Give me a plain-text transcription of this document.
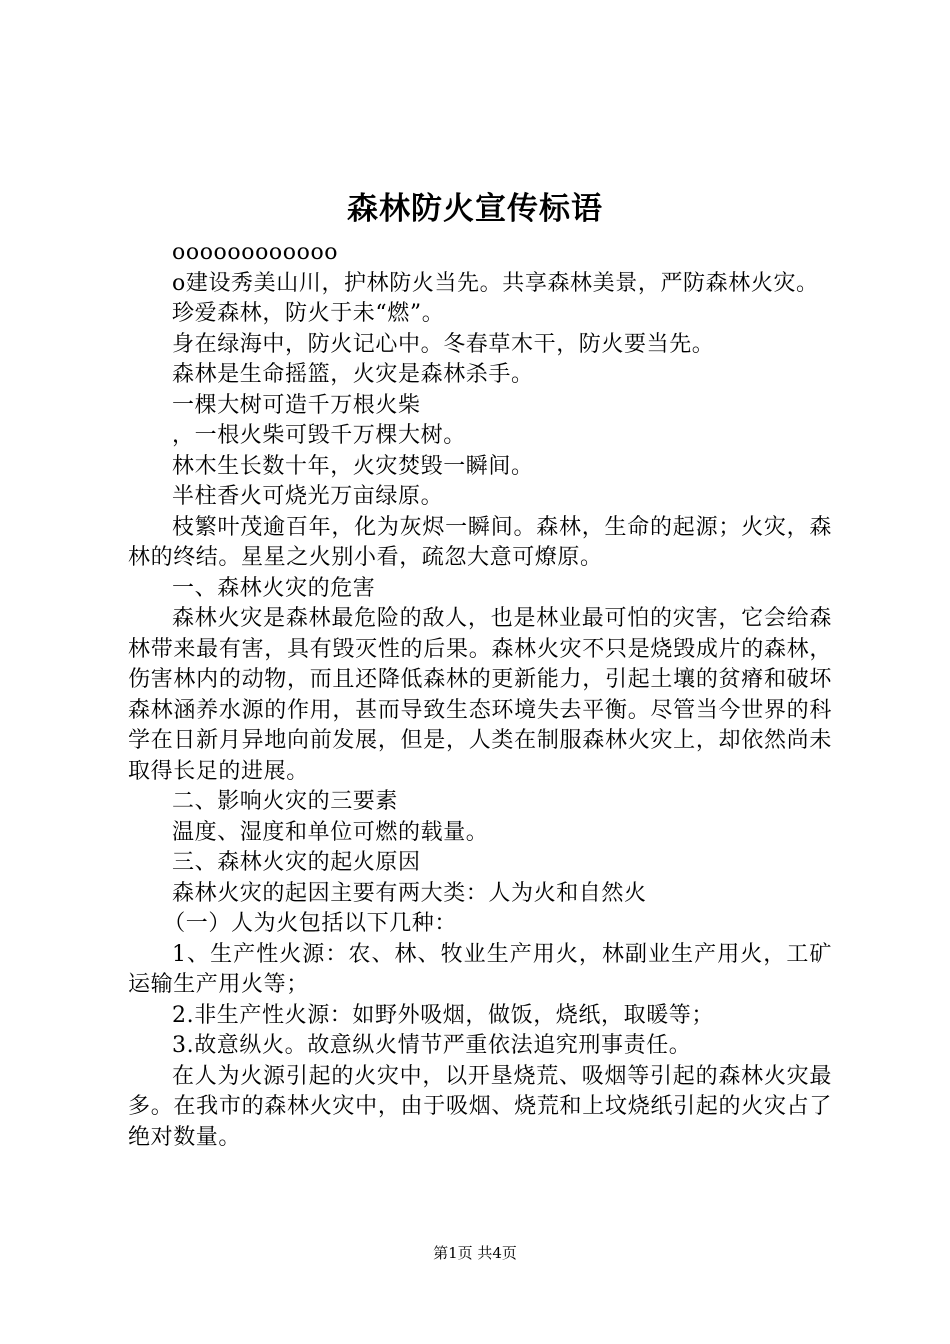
森林防火宣传标语

oooooooooooo

o建设秀美山川，护林防火当先。共享森林美景，严防森林火灾。

珍爱森林，防火于未“燃”。

身在绿海中，防火记心中。冬春草木干，防火要当先。

森林是生命摇篮，火灾是森林杀手。

一棵大树可造千万根火柴

，一根火柴可毁千万棵大树。

林木生长数十年，火灾焚毁一瞬间。

半柱香火可烧光万亩绿原。

枝繁叶茂逾百年，化为灰烬一瞬间。森林，生命的起源；火灾，森林的终结。星星之火别小看，疏忽大意可燎原。

一、森林火灾的危害

森林火灾是森林最危险的敌人，也是林业最可怕的灾害，它会给森林带来最有害，具有毁灭性的后果。森林火灾不只是烧毁成片的森林，伤害林内的动物，而且还降低森林的更新能力，引起土壤的贫瘠和破坏森林涵养水源的作用，甚而导致生态环境失去平衡。尽管当今世界的科学在日新月异地向前发展，但是，人类在制服森林火灾上，却依然尚未取得长足的进展。

二、影响火灾的三要素

温度、湿度和单位可燃的载量。

三、森林火灾的起火原因

森林火灾的起因主要有两大类：人为火和自然火

（一）人为火包括以下几种：

1、生产性火源：农、林、牧业生产用火，林副业生产用火，工矿运输生产用火等；

2.非生产性火源：如野外吸烟，做饭，烧纸，取暖等；

3.故意纵火。故意纵火情节严重依法追究刑事责任。

在人为火源引起的火灾中，以开垦烧荒、吸烟等引起的森林火灾最多。在我市的森林火灾中，由于吸烟、烧荒和上坟烧纸引起的火灾占了绝对数量。

第1页 共4页
